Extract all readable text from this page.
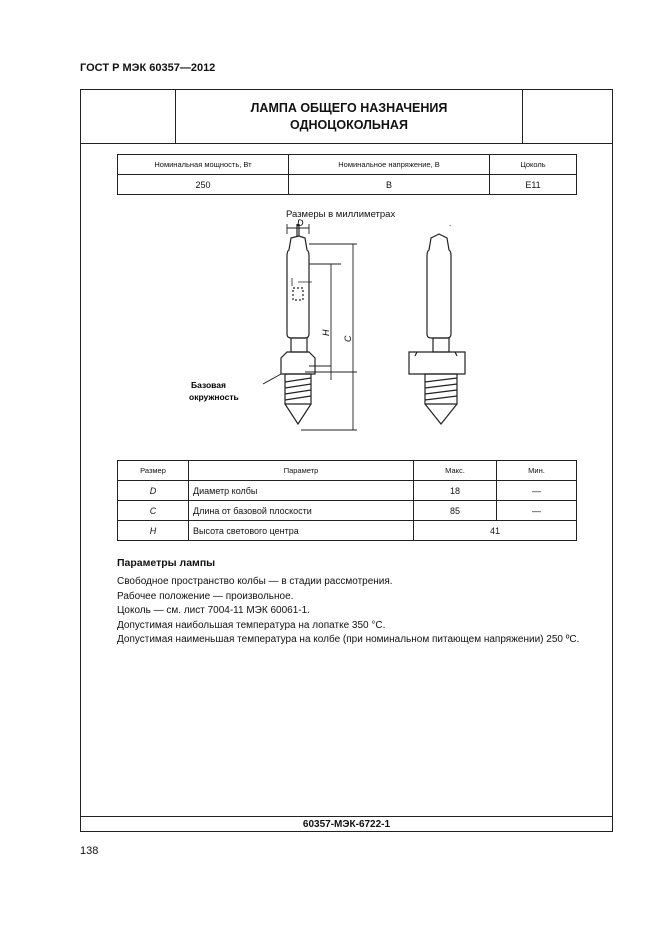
ГОСТ Р МЭК 60357—2012
ЛАМПА ОБЩЕГО НАЗНАЧЕНИЯ
ОДНОЦОКОЛЬНАЯ
Номинальная мощность, Вт	Номинальное напряжение, В	Цоколь
250	В	E11
Размеры в миллиметрах
D
H
C
Базовая
окружность
.
Размер	Параметр	Макс.	Мин.
D	Диаметр колбы	18	—
C	Длина от базовой плоскости	85	—
H	Высота светового центра	41	
Параметры лампы
Свободное пространство колбы — в стадии рассмотрения.
Рабочее положение — произвольное.
Цоколь — см. лист 7004-11 МЭК 60061-1.
Допустимая наибольшая температура на лопатке 350 °С.
Допустимая наименьшая температура на колбе (при номинальном питающем напряжении) 250 ºС.
60357-МЭК-6722-1
138
